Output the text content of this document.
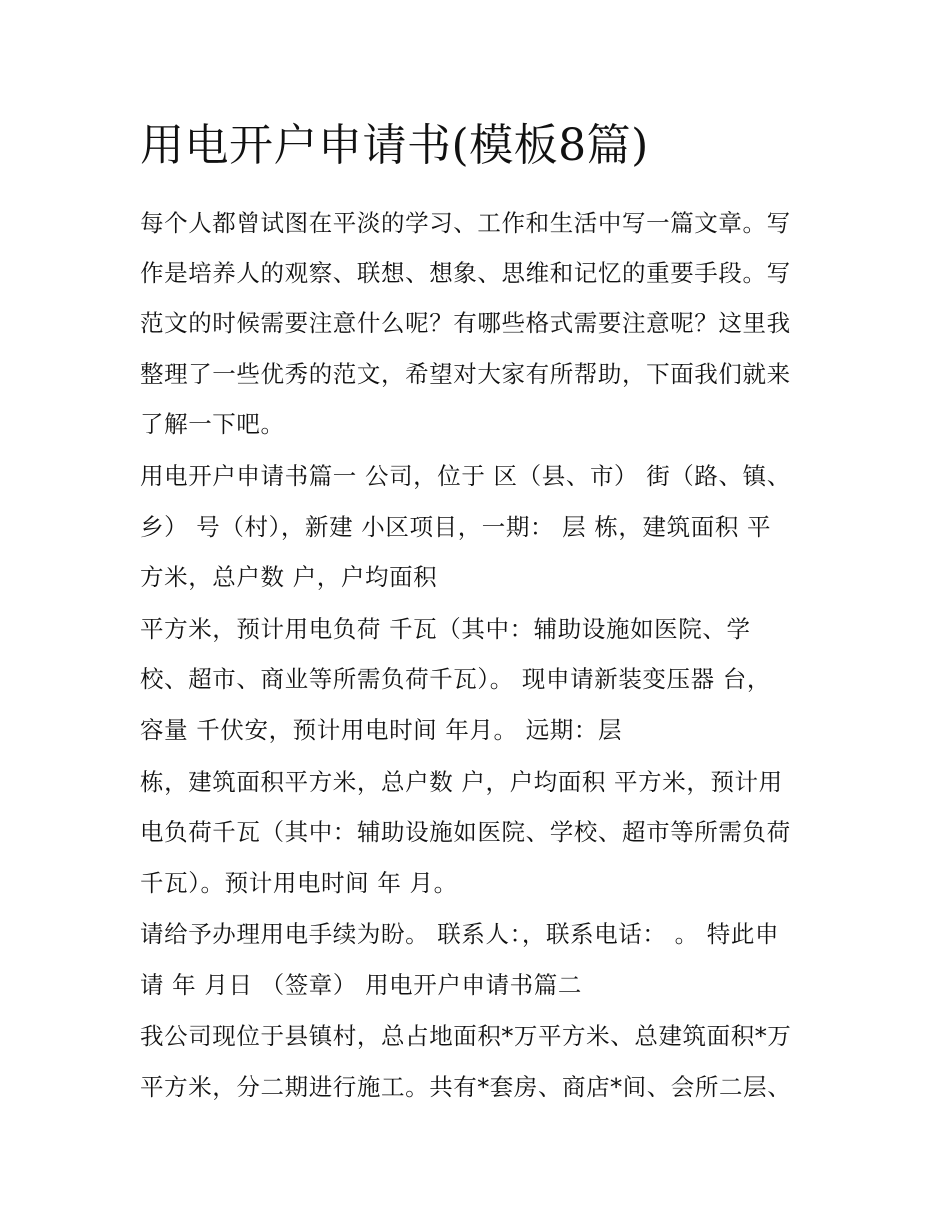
用电开户申请书(模板8篇)

每个人都曾试图在平淡的学习、工作和生活中写一篇文章。写

作是培养人的观察、联想、想象、思维和记忆的重要手段。写

范文的时候需要注意什么呢？有哪些格式需要注意呢？这里我

整理了一些优秀的范文，希望对大家有所帮助，下面我们就来

了解一下吧。

用电开户申请书篇一 公司，位于 区（县、市） 街（路、镇、

乡） 号（村），新建 小区项目，一期： 层 栋，建筑面积 平

方米，总户数 户，户均面积

平方米，预计用电负荷 千瓦（其中：辅助设施如医院、学

校、超市、商业等所需负荷千瓦）。 现申请新装变压器 台，

容量 千伏安，预计用电时间 年月。 远期：层

栋，建筑面积平方米，总户数 户，户均面积 平方米，预计用

电负荷千瓦（其中：辅助设施如医院、学校、超市等所需负荷

千瓦）。预计用电时间 年 月。

请给予办理用电手续为盼。 联系人：，联系电话： 。 特此申

请 年 月日 （签章） 用电开户申请书篇二

我公司现位于县镇村，总占地面积*万平方米、总建筑面积*万

平方米，分二期进行施工。共有*套房、商店*间、会所二层、
